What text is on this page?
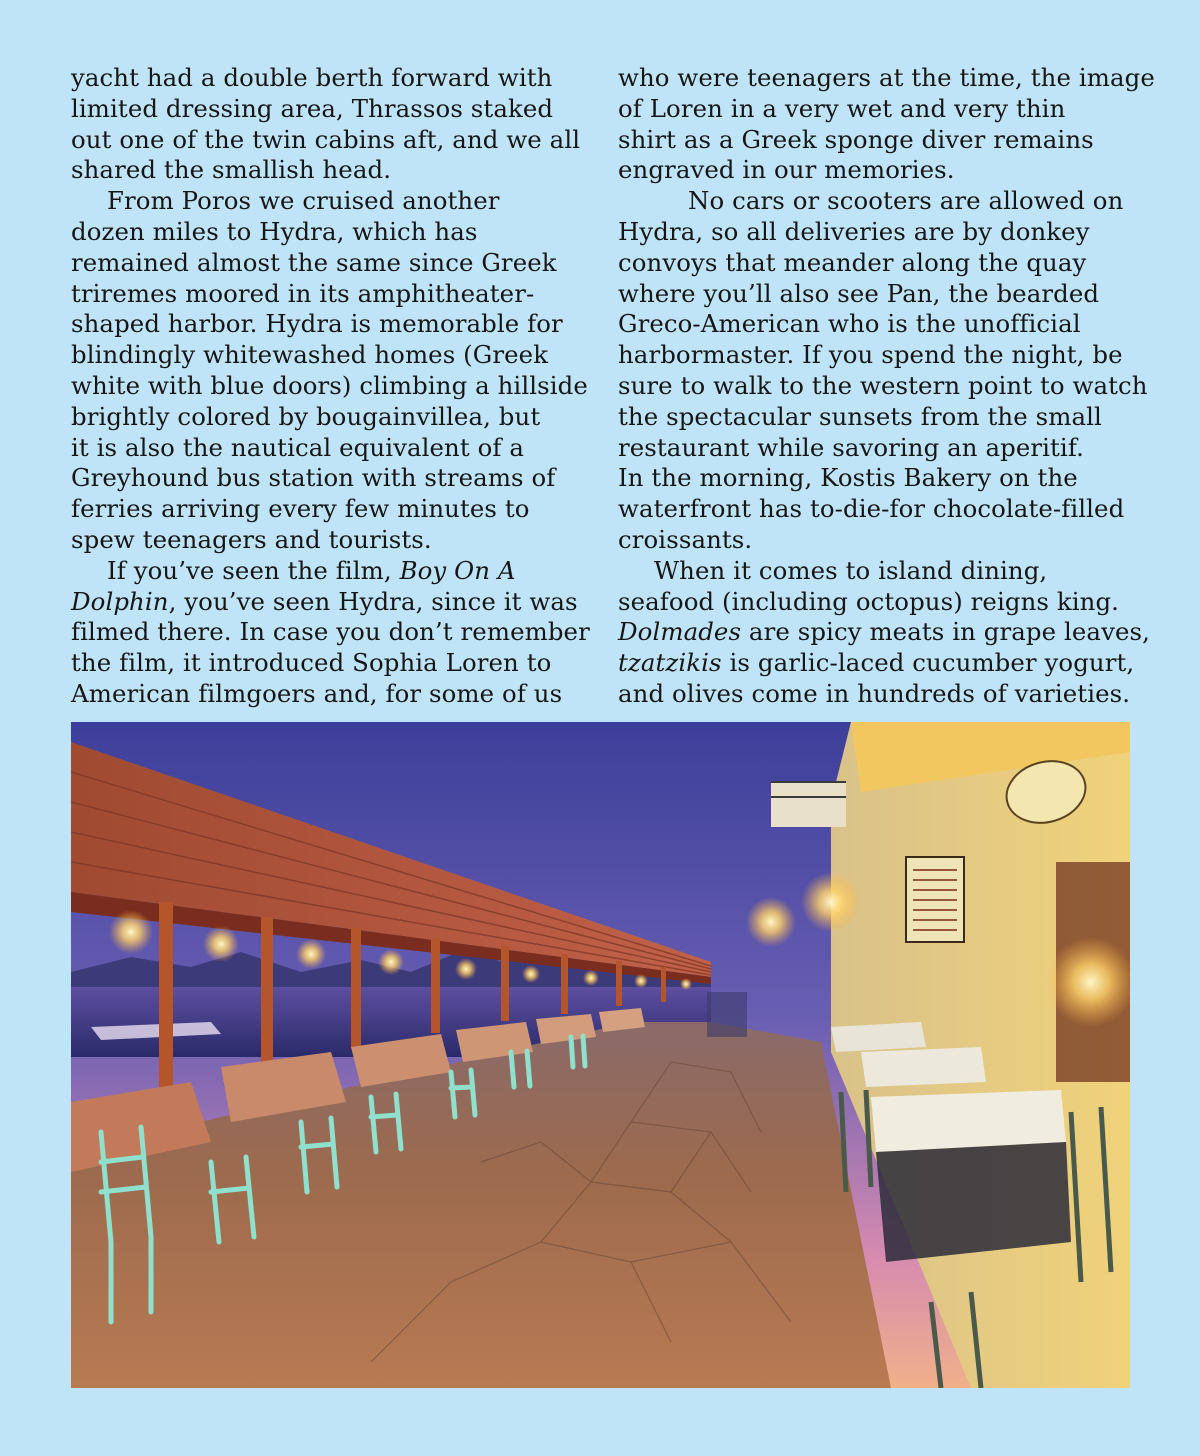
yacht had a double berth forward with
limited dressing area, Thrassos staked
out one of the twin cabins aft, and we all
shared the smallish head.
From Poros we cruised another
dozen miles to Hydra, which has
remained almost the same since Greek
triremes moored in its amphitheater-
shaped harbor. Hydra is memorable for
blindingly whitewashed homes (Greek
white with blue doors) climbing a hillside
brightly colored by bougainvillea, but
it is also the nautical equivalent of a
Greyhound bus station with streams of
ferries arriving every few minutes to
spew teenagers and tourists.
If you’ve seen the film, Boy On A
Dolphin, you’ve seen Hydra, since it was
filmed there. In case you don’t remember
the film, it introduced Sophia Loren to
American filmgoers and, for some of us
who were teenagers at the time, the image
of Loren in a very wet and very thin
shirt as a Greek sponge diver remains
engraved in our memories.
No cars or scooters are allowed on
Hydra, so all deliveries are by donkey
convoys that meander along the quay
where you’ll also see Pan, the bearded
Greco-American who is the unofficial
harbormaster. If you spend the night, be
sure to walk to the western point to watch
the spectacular sunsets from the small
restaurant while savoring an aperitif.
In the morning, Kostis Bakery on the
waterfront has to-die-for chocolate-filled
croissants.
When it comes to island dining,
seafood (including octopus) reigns king.
Dolmades are spicy meats in grape leaves,
tzatzikis is garlic-laced cucumber yogurt,
and olives come in hundreds of varieties.
